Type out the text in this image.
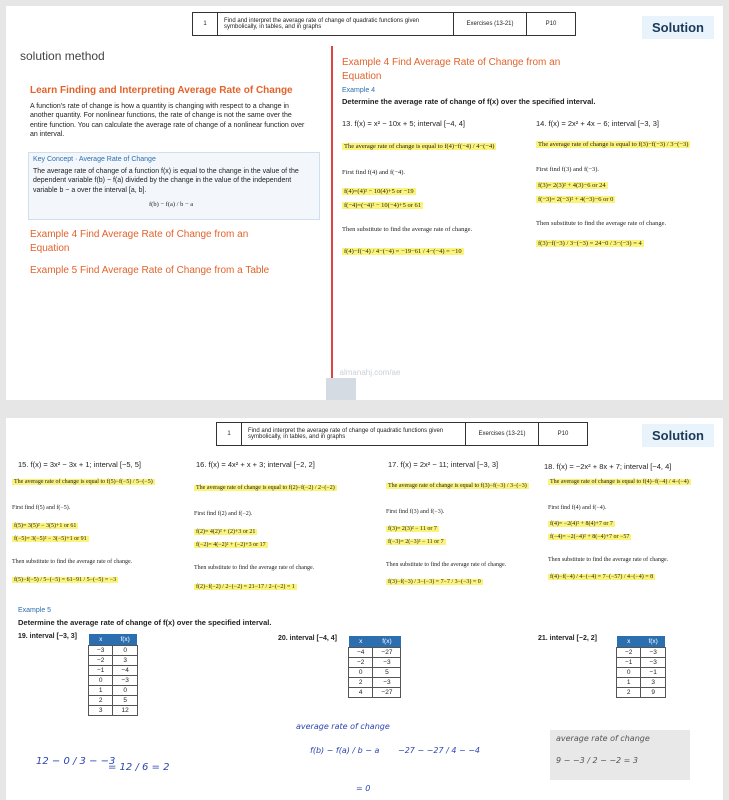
1	Find and interpret the average rate of change of quadratic functions given symbolically, in tables, and in graphs	Exercises (13-21)	P10	Solution
solution method
Learn Finding and Interpreting Average Rate of Change
A function's rate of change is how a quantity is changing with respect to a change in another quantity. For nonlinear functions, the rate of change is not the same over the entire function. You can calculate the average rate of change of a nonlinear function over an interval.
Key Concept · Average Rate of Change
The average rate of change of a function f(x) is equal to the change in the value of the dependent variable f(b) − f(a) divided by the change in the value of the independent variable b − a over the interval [a, b].
f(b) − f(a) / b − a
Example 4 Find Average Rate of Change from an Equation
Example 5 Find Average Rate of Change from a Table
Example 4 Find Average Rate of Change from an Equation
Example 4
Determine the average rate of change of f(x) over the specified interval.
13. f(x) = x² − 10x + 5; interval [−4, 4]
The average rate of change is equal to f(4)−f(−4) / 4−(−4)
First find f(4) and f(−4).
f(4)=(4)² − 10(4)+5 or −19
f(−4)=(−4)² − 10(−4)+5 or 61
Then substitute to find the average rate of change.
f(4)−f(−4) / 4−(−4) = −19−61 / 4−(−4) = −10
14. f(x) = 2x² + 4x − 6; interval [−3, 3]
The average rate of change is equal to f(3)−f(−3) / 3−(−3)
First find f(3) and f(−3).
f(3)= 2(3)² + 4(3)−6 or 24
f(−3)= 2(−3)² + 4(−3)−6 or 0
Then substitute to find the average rate of change.
f(3)−f(−3) / 3−(−3) = 24−0 / 3−(−3) = 4
almanahj.com/ae
1	Find and interpret the average rate of change of quadratic functions given symbolically, in tables, and in graphs	Exercises (13-21)	P10	Solution
15. f(x) = 3x² − 3x + 1; interval [−5, 5]
The average rate of change is equal to f(5)−f(−5) / 5−(−5)
First find f(5) and f(−5).
f(5)= 3(5)² − 3(5)+1 or 61
f(−5)= 3(−5)² − 3(−5)+1 or 91
Then substitute to find the average rate of change.
f(5)−f(−5) / 5−(−5) = 61−91 / 5−(−5) = −3
16. f(x) = 4x² + x + 3; interval [−2, 2]
The average rate of change is equal to f(2)−f(−2) / 2−(−2)
First find f(2) and f(−2).
f(2)= 4(2)² + (2)+3 or 21
f(−2)= 4(−2)² + (−2)+3 or 17
Then substitute to find the average rate of change.
f(2)−f(−2) / 2−(−2) = 21−17 / 2−(−2) = 1
17. f(x) = 2x² − 11; interval [−3, 3]
The average rate of change is equal to f(3)−f(−3) / 3−(−3)
First find f(3) and f(−3).
f(3)= 2(3)² − 11 or 7
f(−3)= 2(−3)² − 11 or 7
Then substitute to find the average rate of change.
f(3)−f(−3) / 3−(−3) = 7−7 / 3−(−3) = 0
18. f(x) = −2x² + 8x + 7; interval [−4, 4]
The average rate of change is equal to f(4)−f(−4) / 4−(−4)
First find f(4) and f(−4).
f(4)= −2(4)² + 8(4)+7 or 7
f(−4)= −2(−4)² + 8(−4)+7 or −57
Then substitute to find the average rate of change.
f(4)−f(−4) / 4−(−4) = 7−(−57) / 4−(−4) = 8
Example 5
Determine the average rate of change of f(x) over the specified interval.
19. interval [−3, 3]	x	f(x)
−3	0
−2	3
−1	−4
0	−3
1	0
2	5
3	12
12 − 0 / 3 − −3
= 12 / 6 = 2
20. interval [−4, 4]	x	f(x)
−4	−27
−2	−3
0	5
2	−3
4	−27
average rate of change
f(b) − f(a) / b − a −27 − −27 / 4 − −4
= 0
21. interval [−2, 2]	x	f(x)
−2	−3
−1	−3
0	−1
1	3
2	9
average rate of change
9 − −3 / 2 − −2 = 3
